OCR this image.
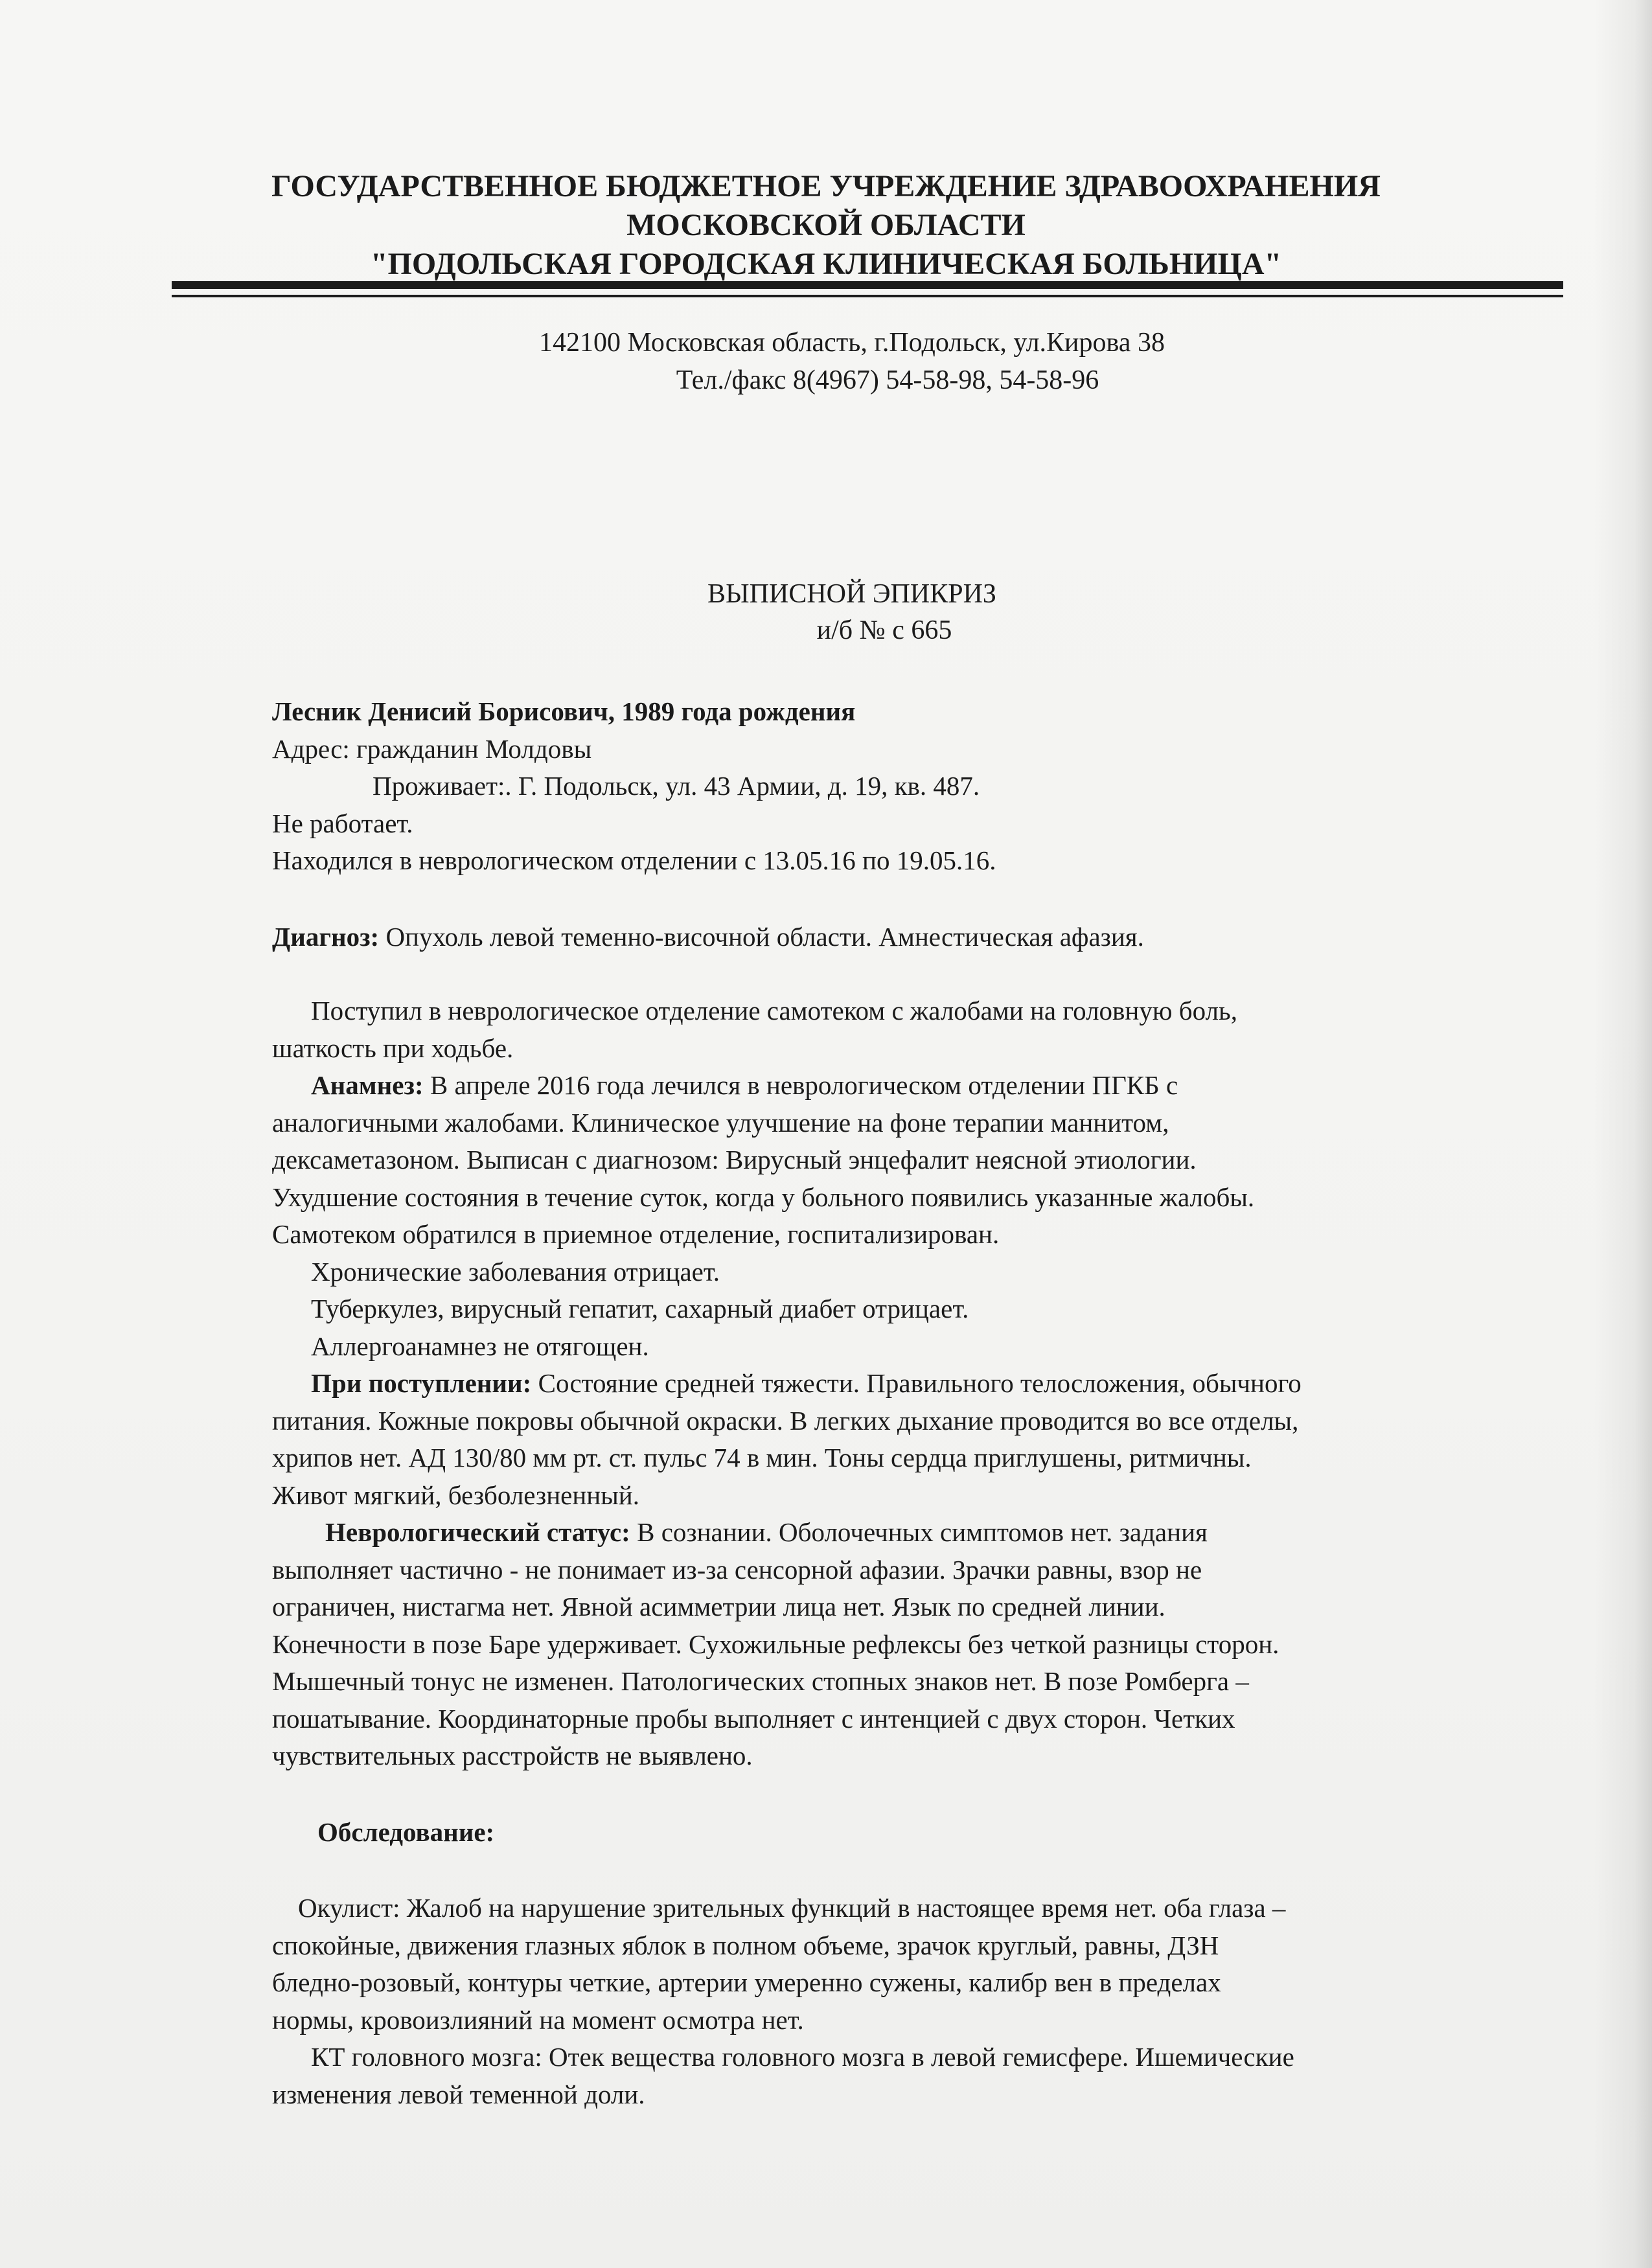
ГОСУДАРСТВЕННОЕ БЮДЖЕТНОЕ УЧРЕЖДЕНИЕ ЗДРАВООХРАНЕНИЯ
МОСКОВСКОЙ ОБЛАСТИ
"ПОДОЛЬСКАЯ ГОРОДСКАЯ КЛИНИЧЕСКАЯ БОЛЬНИЦА"
142100 Московская область, г.Подольск, ул.Кирова 38
Тел./факс 8(4967) 54-58-98, 54-58-96
ВЫПИСНОЙ ЭПИКРИЗ
и/б № с 665
Лесник Денисий Борисович, 1989 года рождения
Адрес: гражданин Молдовы
Проживает:. Г. Подольск, ул. 43 Армии, д. 19, кв. 487.
Не работает.
Находился в неврологическом отделении с 13.05.16 по 19.05.16.
Диагноз: Опухоль левой теменно-височной области. Амнестическая афазия.
Поступил в неврологическое отделение самотеком с жалобами на головную боль,
шаткость при ходьбе.
Анамнез: В апреле 2016 года лечился в неврологическом отделении ПГКБ с
аналогичными жалобами. Клиническое улучшение на фоне терапии маннитом,
дексаметазоном. Выписан с диагнозом: Вирусный энцефалит неясной этиологии.
Ухудшение состояния в течение суток, когда у больного появились указанные жалобы.
Самотеком обратился в приемное отделение, госпитализирован.
Хронические заболевания отрицает.
Туберкулез, вирусный гепатит, сахарный диабет отрицает.
Аллергоанамнез не отягощен.
При поступлении: Состояние средней тяжести. Правильного телосложения, обычного
питания. Кожные покровы обычной окраски. В легких дыхание проводится во все отделы,
хрипов нет. АД 130/80 мм рт. ст. пульс 74 в мин. Тоны сердца приглушены, ритмичны.
Живот мягкий, безболезненный.
Неврологический статус: В сознании. Оболочечных симптомов нет. задания
выполняет частично - не понимает из-за сенсорной афазии. Зрачки равны, взор не
ограничен, нистагма нет. Явной асимметрии лица нет. Язык по средней линии.
Конечности в позе Баре удерживает. Сухожильные рефлексы без четкой разницы сторон.
Мышечный тонус не изменен. Патологических стопных знаков нет. В позе Ромберга –
пошатывание. Координаторные пробы выполняет с интенцией с двух сторон. Четких
чувствительных расстройств не выявлено.
Обследование:
Окулист: Жалоб на нарушение зрительных функций в настоящее время нет. оба глаза –
спокойные, движения глазных яблок в полном объеме, зрачок круглый, равны, ДЗН
бледно-розовый, контуры четкие, артерии умеренно сужены, калибр вен в пределах
нормы, кровоизлияний на момент осмотра нет.
КТ головного мозга: Отек вещества головного мозга в левой гемисфере. Ишемические
изменения левой теменной доли.
